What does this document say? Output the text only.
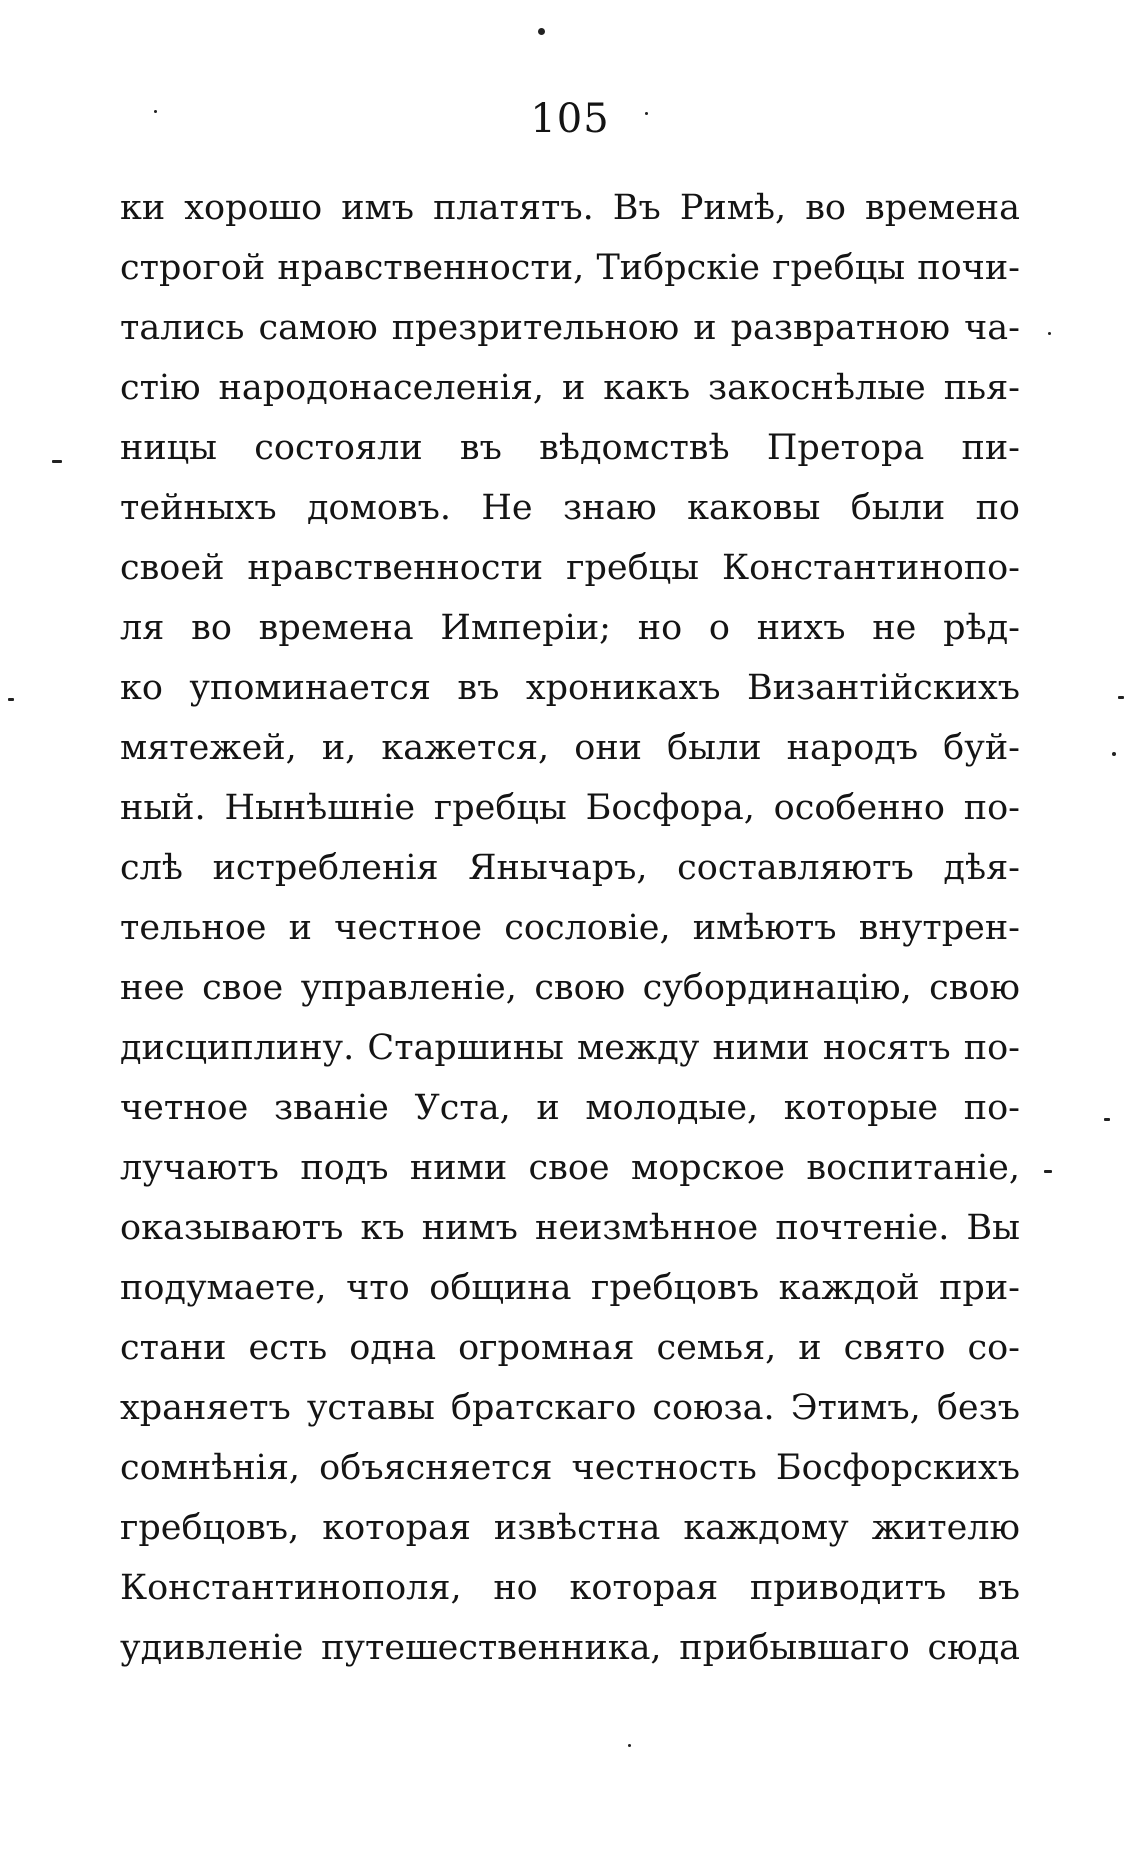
105
ки хорошо имъ платятъ. Въ Римѣ, во времена
строгой нравственности, Тибрскіе гребцы почи-
тались самою презрительною и развратною ча-
стію народонаселенія, и какъ закоснѣлые пья-
ницы состояли въ вѣдомствѣ Претора пи-
тейныхъ домовъ. Не знаю каковы были по
своей нравственности гребцы Константинопо-
ля во времена Имперіи; но о нихъ не рѣд-
ко упоминается въ хроникахъ Византійскихъ
мятежей, и, кажется, они были народъ буй-
ный. Нынѣшніе гребцы Босфора, особенно по-
слѣ истребленія Янычаръ, составляютъ дѣя-
тельное и честное сословіе, имѣютъ внутрен-
нее свое управленіе, свою субординацію, свою
дисциплину. Старшины между ними носятъ по-
четное званіе Уста, и молодые, которые по-
лучаютъ подъ ними свое морское воспитаніе,
оказываютъ къ нимъ неизмѣнное почтеніе. Вы
подумаете, что община гребцовъ каждой при-
стани есть одна огромная семья, и свято со-
храняетъ уставы братскаго союза. Этимъ, безъ
сомнѣнія, объясняется честность Босфорскихъ
гребцовъ, которая извѣстна каждому жителю
Константинополя, но которая приводитъ въ
удивленіе путешественника, прибывшаго сюда
